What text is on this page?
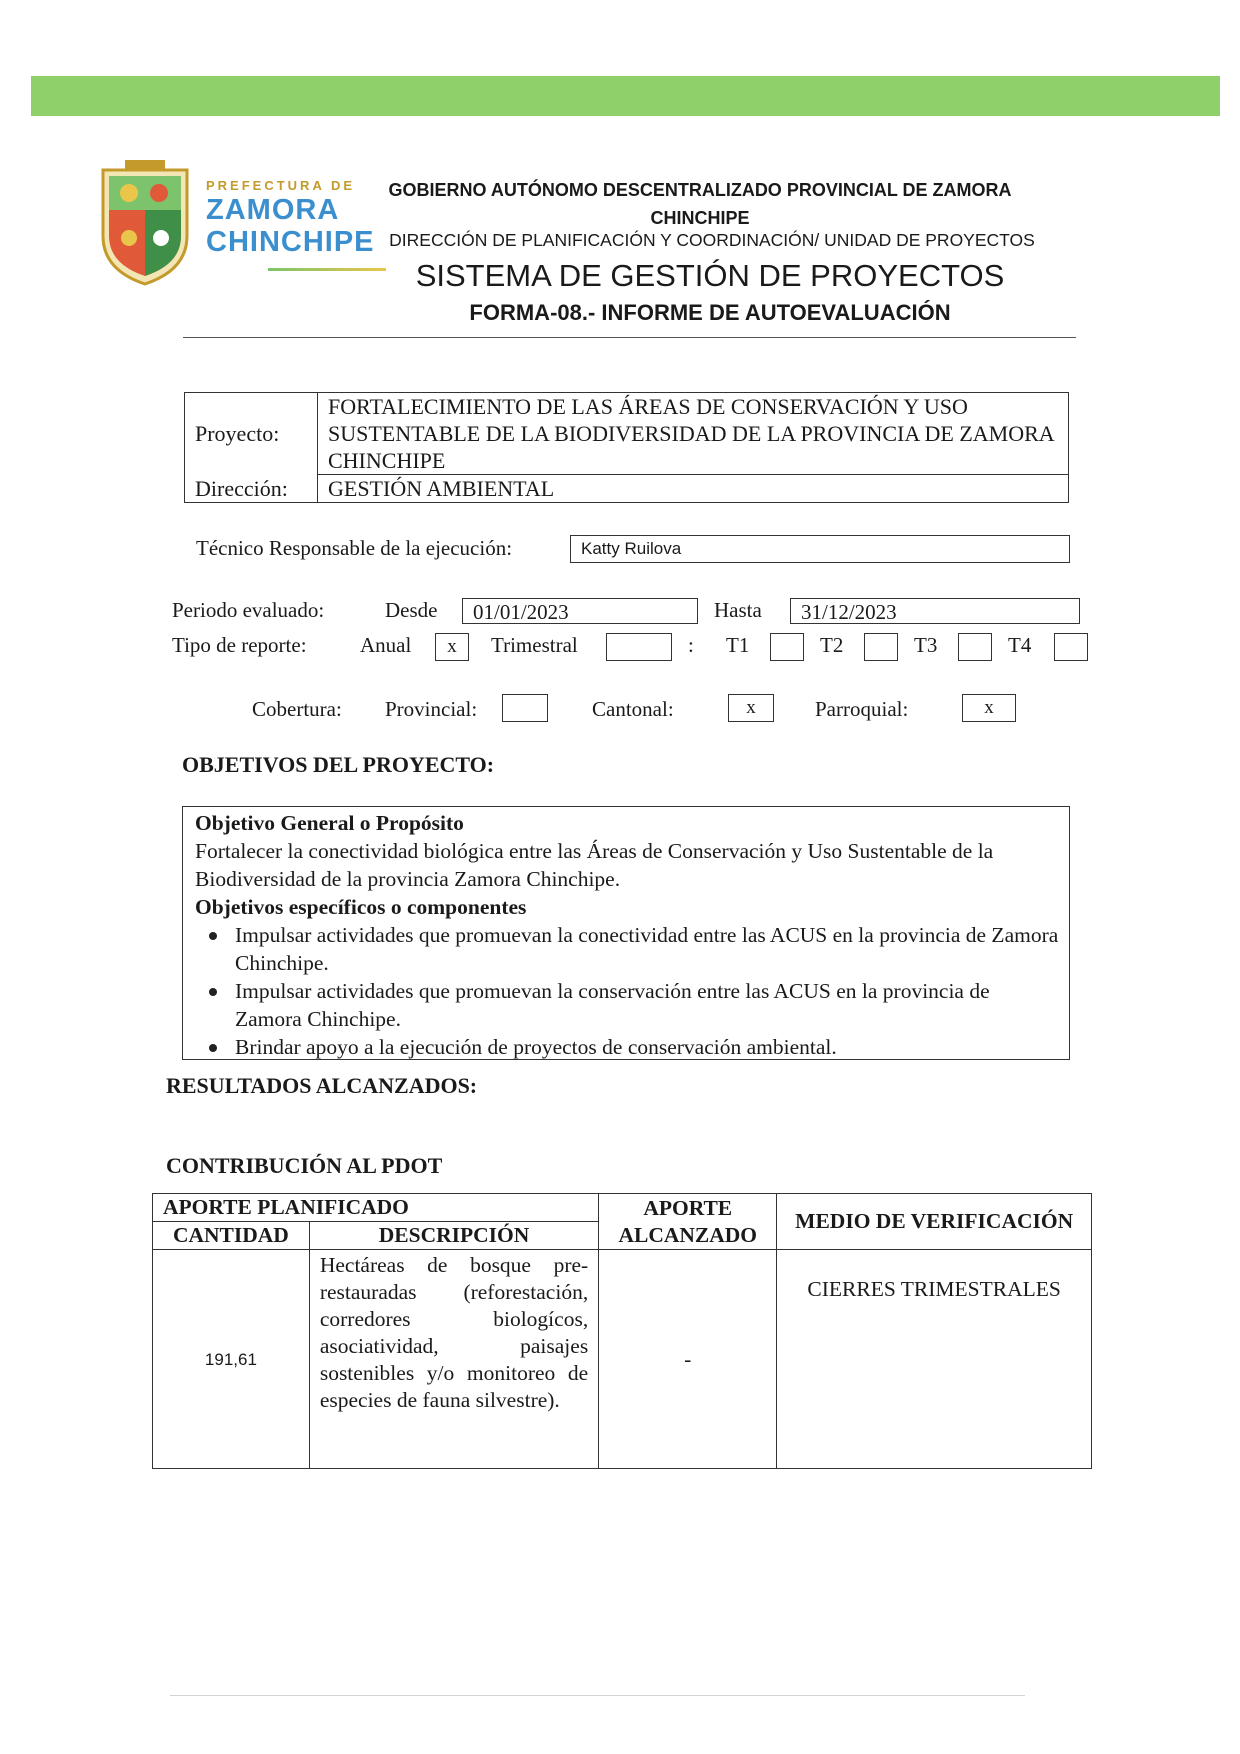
PREFECTURA DE
ZAMORA
CHINCHIPE
GOBIERNO AUTÓNOMO DESCENTRALIZADO PROVINCIAL DE ZAMORA CHINCHIPE
DIRECCIÓN DE PLANIFICACIÓN Y COORDINACIÓN/ UNIDAD DE PROYECTOS
SISTEMA DE GESTIÓN DE PROYECTOS
FORMA-08.- INFORME DE AUTOEVALUACIÓN
Proyecto:	FORTALECIMIENTO DE LAS ÁREAS DE CONSERVACIÓN Y USO SUSTENTABLE DE LA BIODIVERSIDAD DE LA PROVINCIA DE ZAMORA CHINCHIPE
Dirección:	GESTIÓN AMBIENTAL
Técnico Responsable de la ejecución:	Katty Ruilova
Periodo evaluado:	Desde	01/01/2023	Hasta	31/12/2023
Tipo de reporte:	Anual	x	Trimestral	: T1	T2	T3	T4
Cobertura: Provincial:	Cantonal:	x	Parroquial:	x
OBJETIVOS DEL PROYECTO:
Objetivo General o Propósito
Fortalecer la conectividad biológica entre las Áreas de Conservación y Uso Sustentable de la Biodiversidad de la provincia Zamora Chinchipe.
Objetivos específicos o componentes
Impulsar actividades que promuevan la conectividad entre las ACUS en la provincia de Zamora Chinchipe.
Impulsar actividades que promuevan la conservación entre las ACUS en la provincia de Zamora Chinchipe.
Brindar apoyo a la ejecución de proyectos de conservación ambiental.
RESULTADOS ALCANZADOS:
CONTRIBUCIÓN AL PDOT
APORTE PLANIFICADO		APORTE ALCANZADO	MEDIO DE VERIFICACIÓN
CANTIDAD	DESCRIPCIÓN		
191,61	Hectáreas de bosque pre-restauradas (reforestación, corredores biologícos, asociatividad, paisajes sostenibles y/o monitoreo de especies de fauna silvestre).	-	CIERRES TRIMESTRALES
